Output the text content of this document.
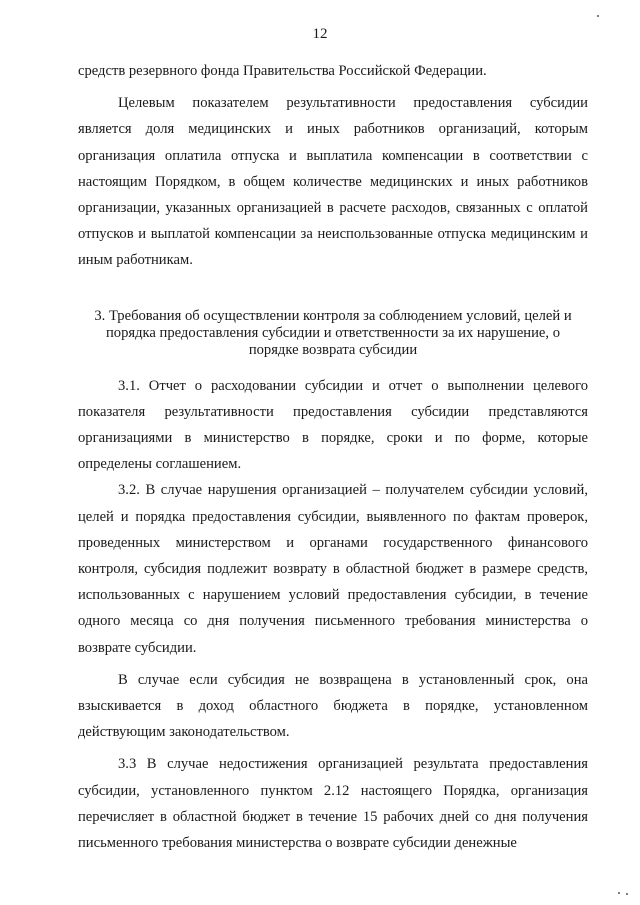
12

средств резервного фонда Правительства Российской Федерации.

Целевым показателем результативности предоставления субсидии является доля медицинских и иных работников организаций, которым организация оплатила отпуска и выплатила компенсации в соответствии с настоящим Порядком, в общем количестве медицинских и иных работников организации, указанных организацией в расчете расходов, связанных с оплатой отпусков и выплатой компенсации за неиспользованные отпуска медицинским и иным работникам.

3. Требования об осуществлении контроля за соблюдением условий, целей и порядка предоставления субсидии и ответственности за их нарушение, о порядке возврата субсидии

3.1. Отчет о расходовании субсидии и отчет о выполнении целевого показателя результативности предоставления субсидии представляются организациями в министерство в порядке, сроки и по форме, которые определены соглашением.

3.2. В случае нарушения организацией – получателем субсидии условий, целей и порядка предоставления субсидии, выявленного по фактам проверок, проведенных министерством и органами государственного финансового контроля, субсидия подлежит возврату в областной бюджет в размере средств, использованных с нарушением условий предоставления субсидии, в течение одного месяца со дня получения письменного требования министерства о возврате субсидии.

В случае если субсидия не возвращена в установленный срок, она взыскивается в доход областного бюджета в порядке, установленном действующим законодательством.

3.3 В случае недостижения организацией результата предоставления субсидии, установленного пунктом 2.12 настоящего Порядка, организация перечисляет в областной бюджет в течение 15 рабочих дней со дня получения письменного требования министерства о возврате субсидии денежные
